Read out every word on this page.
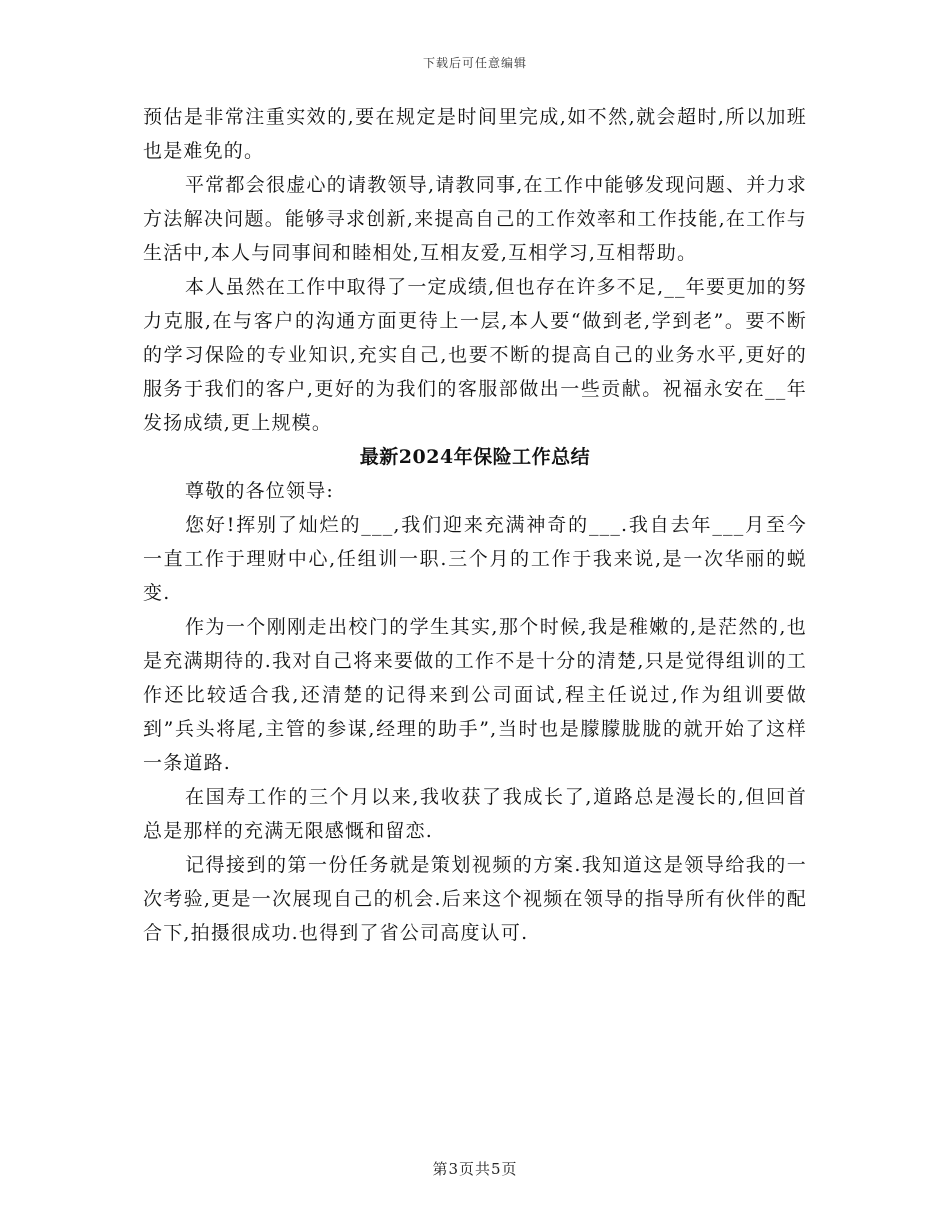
下载后可任意编辑

预估是非常注重实效的,要在规定是时间里完成,如不然,就会超时,所以加班也是难免的。

平常都会很虚心的请教领导,请教同事,在工作中能够发现问题、并力求方法解决问题。能够寻求创新,来提高自己的工作效率和工作技能,在工作与生活中,本人与同事间和睦相处,互相友爱,互相学习,互相帮助。

本人虽然在工作中取得了一定成绩,但也存在许多不足,__年要更加的努力克服,在与客户的沟通方面更待上一层,本人要“做到老,学到老”。要不断的学习保险的专业知识,充实自己,也要不断的提高自己的业务水平,更好的服务于我们的客户,更好的为我们的客服部做出一些贡献。祝福永安在__年发扬成绩,更上规模。

最新2024年保险工作总结

尊敬的各位领导:

您好!挥别了灿烂的___,我们迎来充满神奇的___.我自去年___月至今一直工作于理财中心,任组训一职.三个月的工作于我来说,是一次华丽的蜕变.

作为一个刚刚走出校门的学生其实,那个时候,我是稚嫩的,是茫然的,也是充满期待的.我对自己将来要做的工作不是十分的清楚,只是觉得组训的工作还比较适合我,还清楚的记得来到公司面试,程主任说过,作为组训要做到”兵头将尾,主管的参谋,经理的助手”,当时也是朦朦胧胧的就开始了这样一条道路.

在国寿工作的三个月以来,我收获了我成长了,道路总是漫长的,但回首总是那样的充满无限感慨和留恋.

记得接到的第一份任务就是策划视频的方案.我知道这是领导给我的一次考验,更是一次展现自己的机会.后来这个视频在领导的指导所有伙伴的配合下,拍摄很成功.也得到了省公司高度认可.

第3页共5页
